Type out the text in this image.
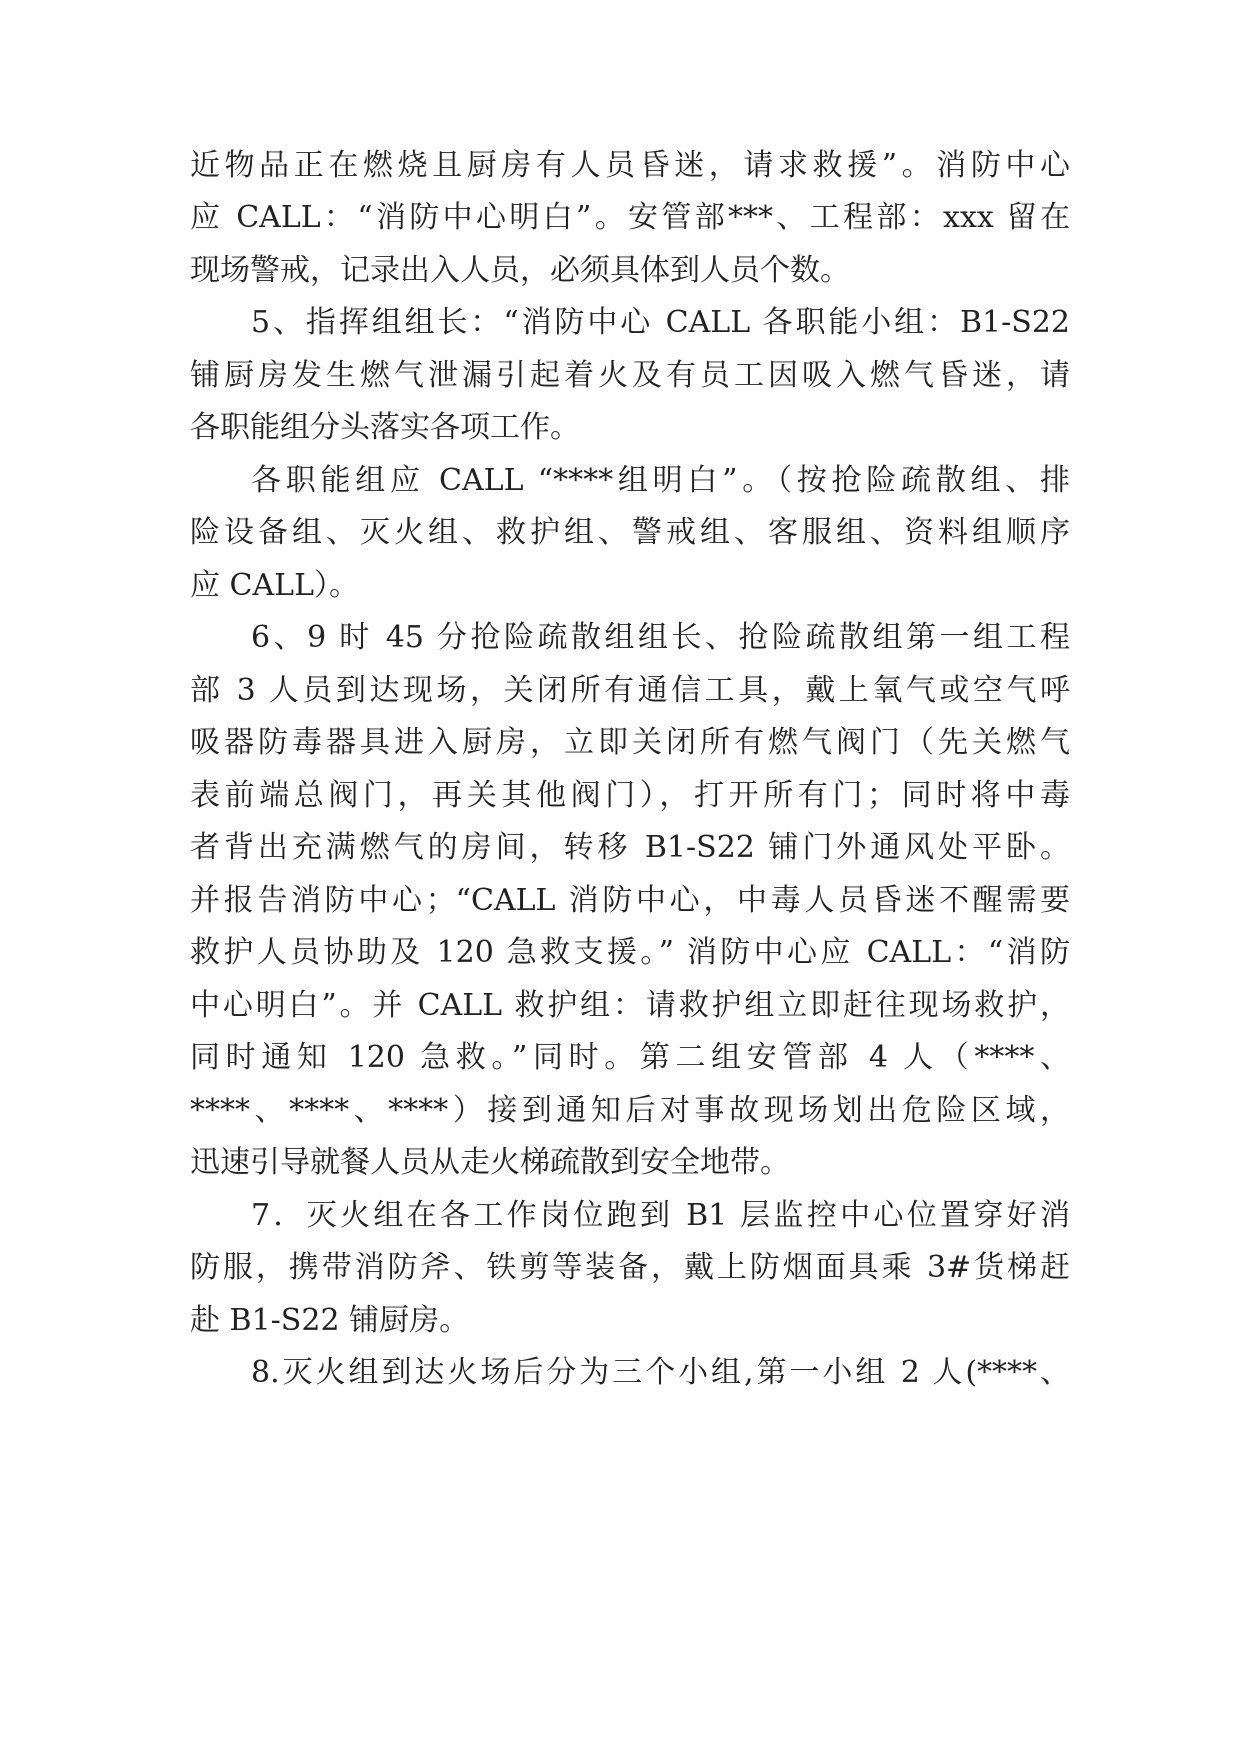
近物品正在燃烧且厨房有人员昏迷，请求救援”。消防中心

应 CALL：“消防中心明白”。安管部***、工程部：xxx 留在

现场警戒，记录出入人员，必须具体到人员个数。

5、指挥组组长：“消防中心 CALL 各职能小组：B1-S22

铺厨房发生燃气泄漏引起着火及有员工因吸入燃气昏迷，请

各职能组分头落实各项工作。

各职能组应 CALL “****组明白”。（按抢险疏散组、排

险设备组、灭火组、救护组、警戒组、客服组、资料组顺序

应 CALL）。

6、9 时 45 分抢险疏散组组长、抢险疏散组第一组工程

部 3 人员到达现场，关闭所有通信工具，戴上氧气或空气呼

吸器防毒器具进入厨房，立即关闭所有燃气阀门（先关燃气

表前端总阀门，再关其他阀门），打开所有门；同时将中毒

者背出充满燃气的房间，转移 B1-S22 铺门外通风处平卧。

并报告消防中心；“CALL 消防中心，中毒人员昏迷不醒需要

救护人员协助及 120 急救支援。” 消防中心应 CALL：“消防

中心明白”。并 CALL 救护组：请救护组立即赶往现场救护，

同时通知 120 急救。”同时。第二组安管部 4 人（****、

****、****、****）接到通知后对事故现场划出危险区域，

迅速引导就餐人员从走火梯疏散到安全地带。

7．灭火组在各工作岗位跑到 B1 层监控中心位置穿好消

防服，携带消防斧、铁剪等装备，戴上防烟面具乘 3#货梯赶

赴 B1-S22 铺厨房。

8.灭火组到达火场后分为三个小组,第一小组 2 人(****、
